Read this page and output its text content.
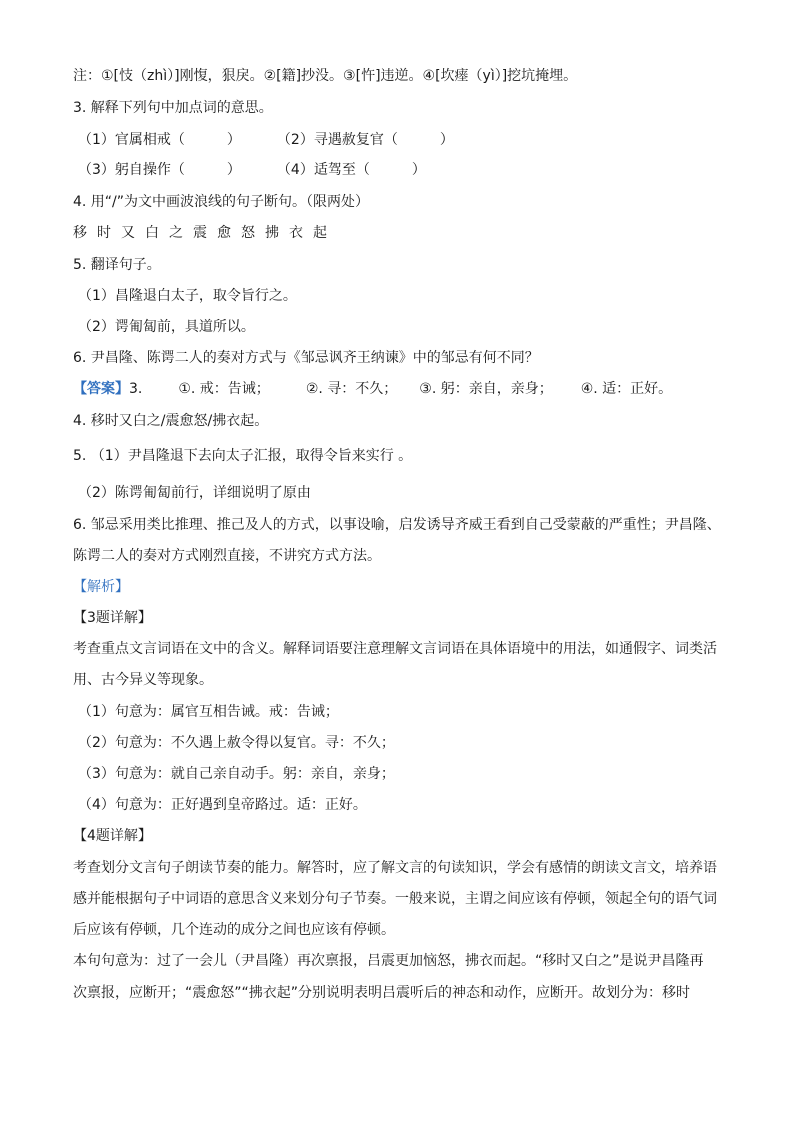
注：①[忮（zhì）]刚愎，狠戾。②[籍]抄没。③[忤]违逆。④[坎瘗（yì）]挖坑掩埋。
3. 解释下列句中加点词的意思。
（1）官属相戒（　　　）	（2）寻遇赦复官（　　　）
（3）躬自操作（　　　）	（4）适驾至（　　　）
4. 用“/”为文中画波浪线的句子断句。（限两处）
移时又白之震愈怒拂衣起
5. 翻译句子。
（1）昌隆退白太子，取令旨行之。
（2）谔匍匐前，具道所以。
6. 尹昌隆、陈谔二人的奏对方式与《邹忌讽齐王纳谏》中的邹忌有何不同？
【答案】3.	①. 戒：告诫；	②. 寻：不久； ③. 躬：亲自，亲身； ④. 适：正好。
4. 移时又白之/震愈怒/拂衣起。
5. （1）尹昌隆退下去向太子汇报，取得令旨来实行 。
（2）陈谔匍匐前行，详细说明了原由
6. 邹忌采用类比推理、推己及人的方式，以事设喻，启发诱导齐威王看到自己受蒙蔽的严重性；尹昌隆、
陈谔二人的奏对方式刚烈直接，不讲究方式方法。
【解析】
【3题详解】
考查重点文言词语在文中的含义。解释词语要注意理解文言词语在具体语境中的用法，如通假字、词类活
用、古今异义等现象。
（1）句意为：属官互相告诫。戒：告诫；
（2）句意为：不久遇上赦令得以复官。寻：不久；
（3）句意为：就自己亲自动手。躬：亲自，亲身；
（4）句意为：正好遇到皇帝路过。适：正好。
【4题详解】
考查划分文言句子朗读节奏的能力。解答时，应了解文言的句读知识，学会有感情的朗读文言文，培养语
感并能根据句子中词语的意思含义来划分句子节奏。一般来说，主谓之间应该有停顿，领起全句的语气词
后应该有停顿，几个连动的成分之间也应该有停顿。
本句句意为：过了一会儿（尹昌隆）再次禀报，吕震更加恼怒，拂衣而起。“移时又白之”是说尹昌隆再
次禀报，应断开；“震愈怒”“拂衣起”分别说明表明吕震听后的神态和动作，应断开。故划分为：移时
